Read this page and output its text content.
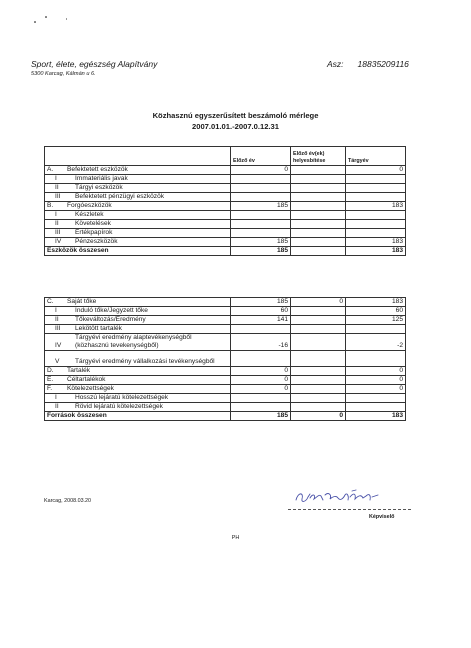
Sport, élete, egészség Alapítvány
5300 Karcag, Kálmán u 6.
Asz: 18835209116
Közhasznú egyszerűsített beszámoló mérlege
2007.01.01.-2007.0.12.31
	Előző év	Előző év(ek) helyesbítése	Tárgyév
A. Befektetett eszközök	0		0
I Immateriális javak			
II Tárgyi eszközök			
III Befektetett pénzügyi eszközök			
B. Forgóeszközök	185		183
I Készletek			
II Követelések			
III Értékpapírok			
IV Pénzeszközök	185		183
Eszközök összesen	185		183
C. Saját tőke	185	0	183
I Induló tőke/Jegyzett tőke	60		60
II Tőkeváltozás/Eredmény	141		125
III Lekötött tartalék			
IVTárgyévi eredmény alaptevékenységből (közhasznú tevekenységből)	-16		-2
V Tárgyévi eredmény vállalkozási tevékenységből			
D. Tartalék	0		0
E. Céltartalékok	0		0
F. Kötelezettségek	0		0
I Hosszú lejáratú kötelezettségek			
II Rövid lejáratú kötelezettségek			
Források összesen	185	0	183
Karcag, 2008.03.20
Képviselő
PH
